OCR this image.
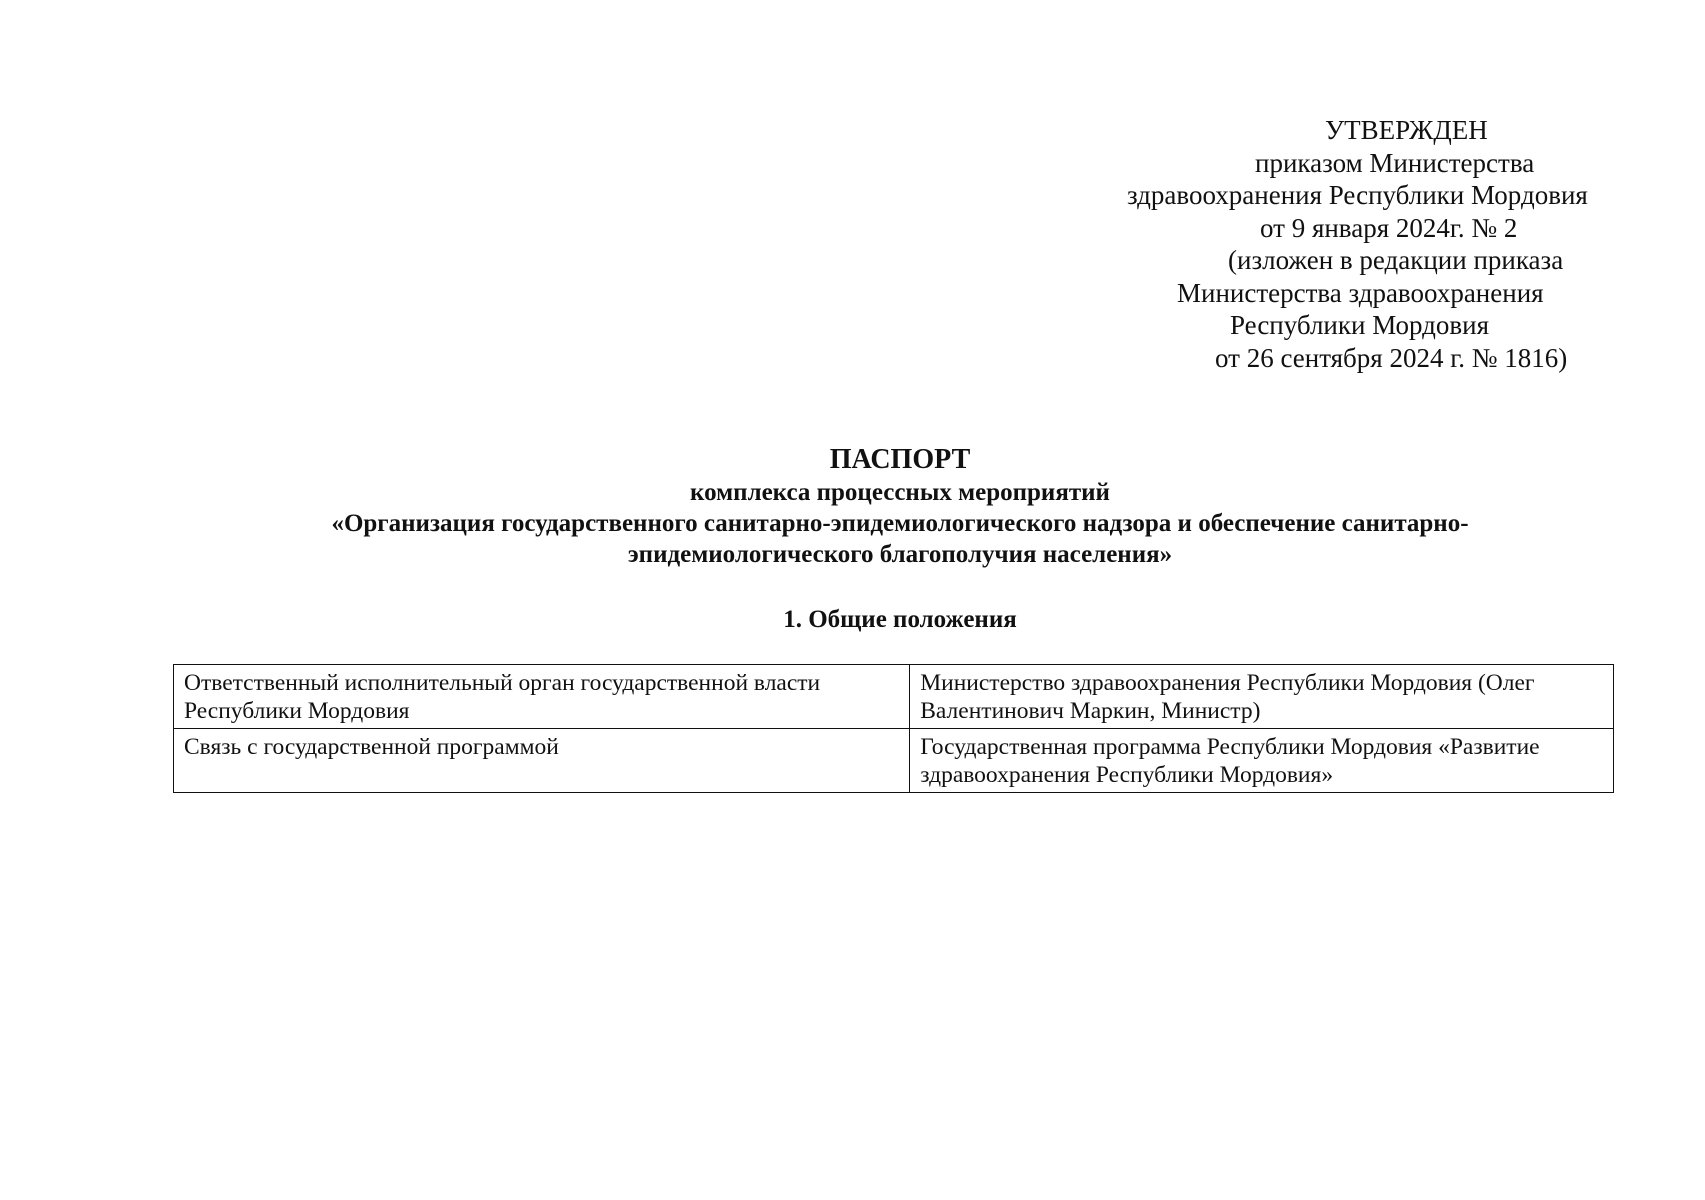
УТВЕРЖДЕН
приказом Министерства
здравоохранения Республики Мордовия
от 9 января 2024г. № 2
(изложен в редакции приказа
Министерства здравоохранения
Республики Мордовия
от 26 сентября 2024 г. № 1816)
ПАСПОРТ
комплекса процессных мероприятий
«Организация государственного санитарно-эпидемиологического надзора и обеспечение санитарно-
эпидемиологического благополучия населения»
1. Общие положения
Ответственный исполнительный орган государственной власти Республики Мордовия	Министерство здравоохранения Республики Мордовия (Олег Валентинович Маркин, Министр)
Связь с государственной программой	Государственная программа Республики Мордовия «Развитие здравоохранения Республики Мордовия»
